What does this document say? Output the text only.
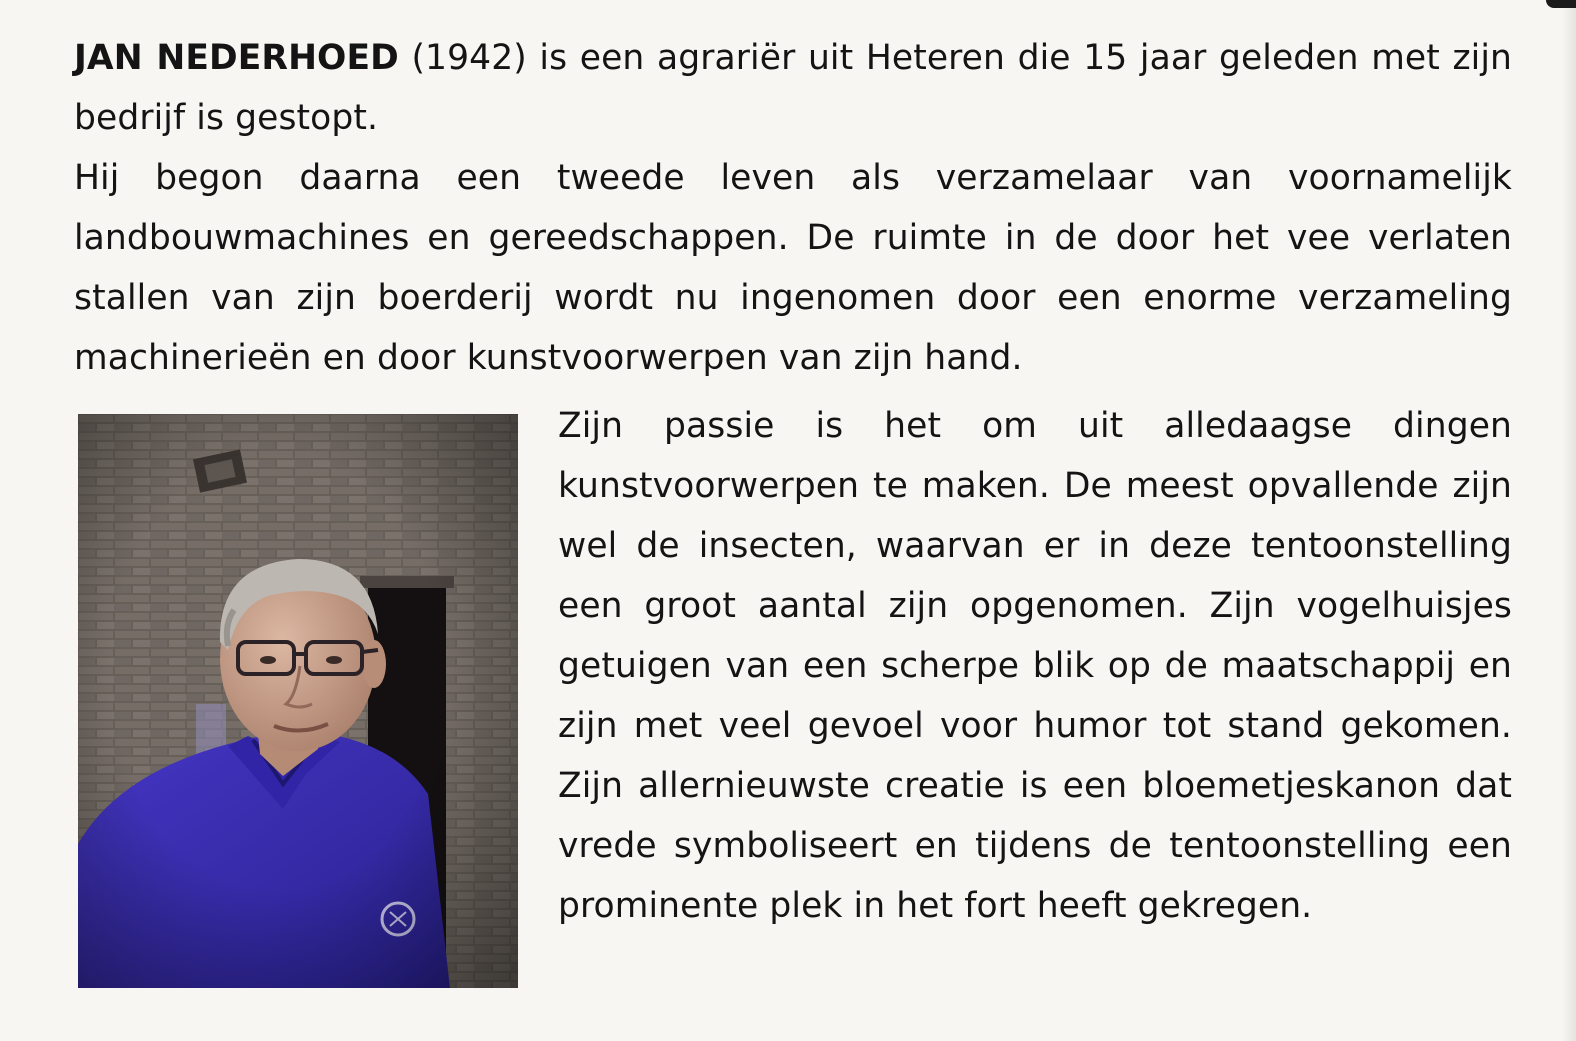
JAN NEDERHOED (1942) is een agrariër uit Heteren die 15 jaar geleden met zijn bedrijf is gestopt.

Hij begon daarna een tweede leven als verzamelaar van voornamelijk landbouwmachines en gereedschappen. De ruimte in de door het vee verlaten stallen van zijn boerderij wordt nu ingenomen door een enorme verzameling machinerieën en door kunstvoorwerpen van zijn hand.

Zijn passie is het om uit alledaagse dingen kunstvoorwerpen te maken. De meest opvallende zijn wel de insecten, waarvan er in deze tentoonstelling een groot aantal zijn opgenomen. Zijn vogelhuisjes getuigen van een scherpe blik op de maatschappij en zijn met veel gevoel voor humor tot stand gekomen. Zijn allernieuwste creatie is een bloemetjeskanon dat vrede symboliseert en tijdens de tentoonstelling een prominente plek in het fort heeft gekregen.
